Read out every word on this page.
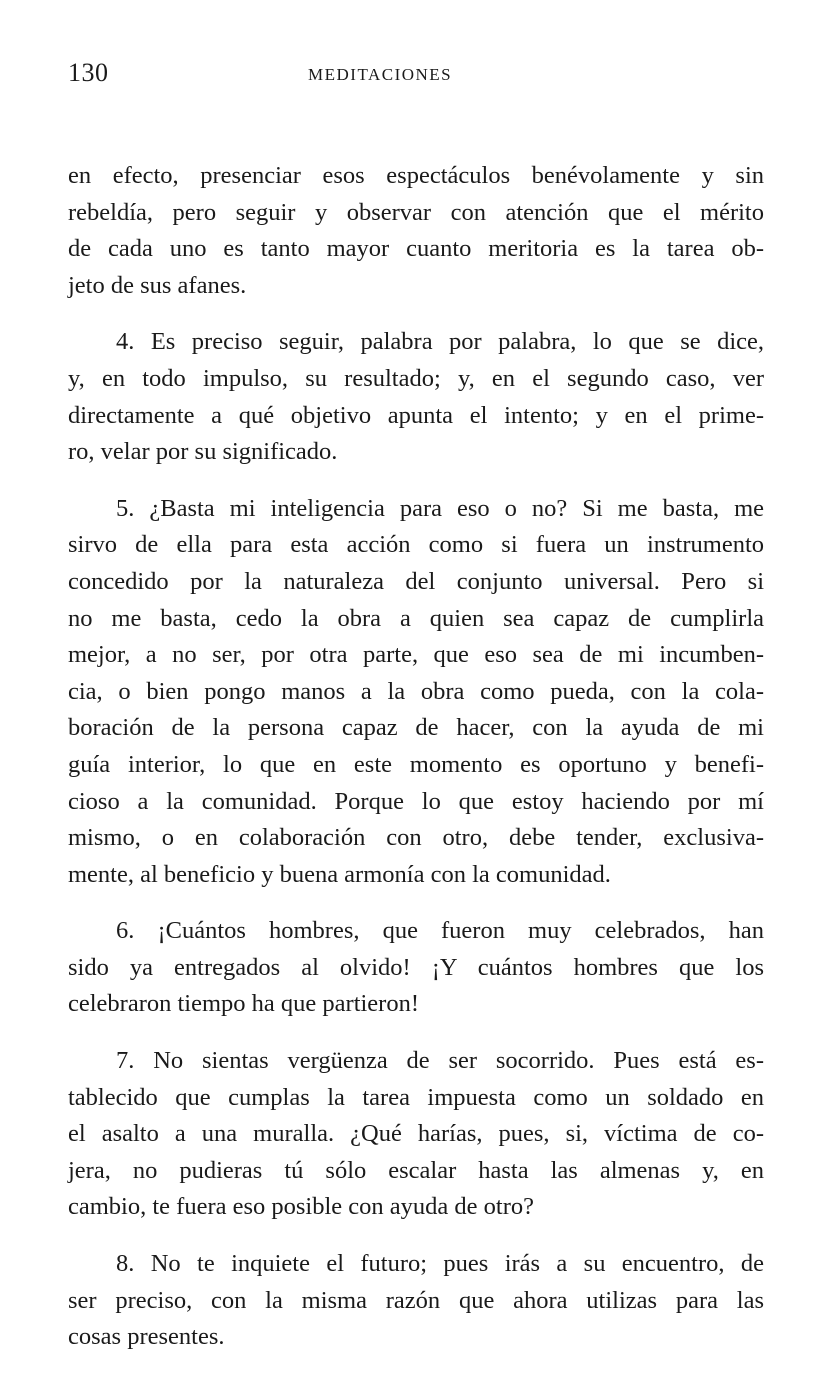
130	MEDITACIONES
en efecto, presenciar esos espectáculos benévolamente y sin
rebeldía, pero seguir y observar con atención que el mérito
de cada uno es tanto mayor cuanto meritoria es la tarea ob-
jeto de sus afanes.
4. Es preciso seguir, palabra por palabra, lo que se dice,
y, en todo impulso, su resultado; y, en el segundo caso, ver
directamente a qué objetivo apunta el intento; y en el prime-
ro, velar por su significado.
5. ¿Basta mi inteligencia para eso o no? Si me basta, me
sirvo de ella para esta acción como si fuera un instrumento
concedido por la naturaleza del conjunto universal. Pero si
no me basta, cedo la obra a quien sea capaz de cumplirla
mejor, a no ser, por otra parte, que eso sea de mi incumben-
cia, o bien pongo manos a la obra como pueda, con la cola-
boración de la persona capaz de hacer, con la ayuda de mi
guía interior, lo que en este momento es oportuno y benefi-
cioso a la comunidad. Porque lo que estoy haciendo por mí
mismo, o en colaboración con otro, debe tender, exclusiva-
mente, al beneficio y buena armonía con la comunidad.
6. ¡Cuántos hombres, que fueron muy celebrados, han
sido ya entregados al olvido! ¡Y cuántos hombres que los
celebraron tiempo ha que partieron!
7. No sientas vergüenza de ser socorrido. Pues está es-
tablecido que cumplas la tarea impuesta como un soldado en
el asalto a una muralla. ¿Qué harías, pues, si, víctima de co-
jera, no pudieras tú sólo escalar hasta las almenas y, en
cambio, te fuera eso posible con ayuda de otro?
8. No te inquiete el futuro; pues irás a su encuentro, de
ser preciso, con la misma razón que ahora utilizas para las
cosas presentes.
